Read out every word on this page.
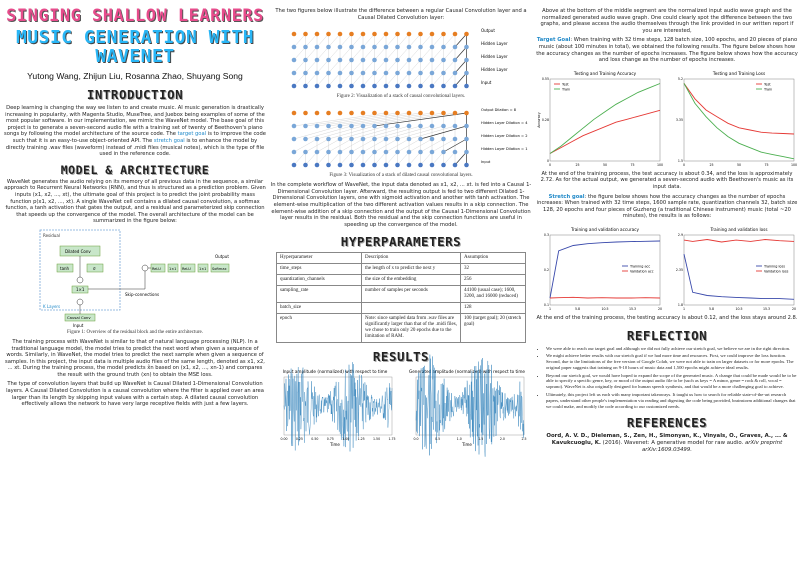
SINGING SHALLOW LEARNERS
MUSIC GENERATION WITH WAVENET
Yutong Wang, Zhijun Liu, Rosanna Zhao, Shuyang Song
INTRODUCTION

Deep learning is changing the way we listen to and create music. AI music generation is drastically increasing in popularity, with Magenta Studio, MuseTree, and Juebox being examples of some of the most popular software. In our implementation, we mimic the WaveNet model. The base goal of this project is to generate a seven-second audio file with a training set of twenty of Beethoven's piano songs by following the model architecture of the source code. The target goal is to improve the code such that it is an easy-to-use object-oriented API. The stretch goal is to enhance the model by directly training .wav files (waveform) instead of .midi files (musical notes), which is the type of file used in the reference code.

MODEL & ARCHITECTURE

WaveNet generates the audio relying on its memory of all previous data in the sequence, a similar approach to Recurrent Neural Networks (RNN), and thus is structured as a prediction problem. Given inputs (x1, x2, ..., xt), the ultimate goal of this project is to predict the joint probability mass function p(x1, x2, ..., xt). A single WaveNet cell contains a dilated causal convolution, a softmax function, a tanh activation that gates the output, and a residual and parameterized skip connection that speeds up the convergence of the model. The overall architecture of the model can be summarized in the figure below:

Residual
Dilated Conv
tanh	σ
1×1
Skip-connections
ReLU 1×1 ReLU 1×1 Softmax
Output
Causal Conv
Input
K Layers
Figure 1: Overview of the residual block and the entire architecture.

The training process with WaveNet is similar to that of natural language processing (NLP). In a traditional language model, the model tries to predict the next word when given a sequence of words. Similarly, in WaveNet, the model tries to predict the next sample when given a sequence of samples. In this project, the input data is multiple audio files of the same length, denoted as x1, x2, ... xt. During the training process, the model predicts x̂n based on (x1, x2, ..., xn-1) and compares the result with the ground truth (xn) to obtain the MSE loss.

The type of convolution layers that build up WaveNet is Causal Dilated 1-Dimensional Convolution layers. A Causal Dilated Convolution is a causal convolution where the filter is applied over an area larger than its length by skipping input values with a certain step. A dilated causal convolution effectively allows the network to have very large receptive fields with just a few layers.

The two figures below illustrate the difference between a regular Causal Convolution layer and a Causal Dilated Convolution layer:

Output
Hidden Layer
Hidden Layer
Hidden Layer
Input
Figure 2: Visualization of a stack of causal convolutional layers.
Output Dilation = 8
Hidden Layer Dilation = 4
Hidden Layer Dilation = 2
Hidden Layer Dilation = 1
Input
Figure 3: Visualization of a stack of dilated causal convolutional layers.

In the complete workflow of WaveNet, the input data denoted as x1, x2, ... xt. is fed into a Causal 1-Dimensional Convolution layer. Afterward, the resulting output is fed to two different Dilated 1-Dimensional Convolution layers, one with sigmoid activation and another with tanh activation. The element-wise multiplication of the two different activation values results in a skip connection. The element-wise addition of a skip connection and the output of the Causal 1-Dimensional Convolution layer results in the residual. Both the residual and the skip connection functions are useful in speeding up the convergence of the model.

HYPERPARAMETERS
Hyperparameter	Description	Assumption
time_steps	the length of x to predict the next y	32
quantization_channels	the size of the embedding	256
sampling_rate	number of samples per seconds	44100 (usual case); 1600, 3200, and 16000 (reduced)
batch_size		128
epoch	Note: since sampled data from .wav files are significantly larger than that of the .midi files, we chose to train only 20 epochs due to the limitation of RAM.	100 (target goal); 20 (stretch goal)
RESULTS
Input amplitude (normalized) with respect to time
Time
0.00	0.25	0.50	0.75	1.00	1.25	1.50	1.75
Generated amplitude (normalized) with respect to time
Time
0.0	0.5	1.0	1.5	2.0	2.5

Above at the bottom of the middle segment are the normalized input audio wave graph and the normalized generated audio wave graph. One could clearly spot the difference between the two graphs, and please access the audio themselves through the link provided in our written report if you are interested,

Target Goal: When training with 32 time steps, 128 batch size, 100 epochs, and 20 pieces of piano music (about 100 minutes in total), we obtained the following results. The figure below shows how the accuracy changes as the number of epochs increases. The figure below shows how the accuracy and loss change as the number of epochs increases.

Testing and Training Accuracy
0	25	50	75	100
0
0.28
0.55
Accuracy
Test
Train
Testing and Training Loss
0	25	50	75	100
1.5
3.35
5.2
Test
Train

At the end of the training process, the test accuracy is about 0.34, and the loss is approximately 2.72. As for the actual output, we generated a seven-second audio with Beethoven's music as its input data.

Stretch goal: the figure below shows how the accuracy changes as the number of epochs increases: When trained with 32 time steps, 1600 sample rate, quantization channels 32, batch size 128, 20 epochs and four pieces of Guzheng (a traditional Chinese instrument) music (total ~20 minutes), the results is as follows:

Training and validation accuracy
1	5.8	10.5	15.3	20
0.1
0.2
0.3
Training acc
Validation acc
Training and validation loss
1	5.8	10.5	15.3	20
1.8
2.35
2.9
Training loss
Validation loss

At the end of the training process, the testing accuracy is about 0.12, and the loss stays around 2.8.

REFLECTION
• We were able to reach our target goal and although we did not fully achieve our stretch goal, we believe we are in the right direction.
• We might achieve better results with our stretch goal if we had more time and resources. First, we could improve the loss function. Second, due to the limitations of the free version of Google Colab, we were not able to train on larger datasets or for more epochs. The original paper suggests that training on 9-10 hours of music data and 1,500 epochs might achieve ideal results.
• Beyond our stretch goal, we would have hoped to expand the scope of the generated music. A change that could be made would be to be able to specify a specific genre, key, or mood of the output audio file to be (such as keys = A minor, genre = rock & roll, vocal = soprano). WaveNet is also originally designed for human speech synthesis, and that would be a more challenging goal to achieve.
• Ultimately, this project left us each with many important takeaways. It taught us how to search for reliable state-of-the-art research papers, understand other people's implementation via reading and digesting the code being provided, brainstorm additional changes that we could make, and modify the code according to our customized needs.
REFERENCES

Oord, A. V. D., Dieleman, S., Zen, H., Simonyan, K., Vinyals, O., Graves, A., ... & Kavukcuoglu, K. (2016). Wavenet: A generative model for raw audio. arXiv preprint arXiv:1609.03499.
